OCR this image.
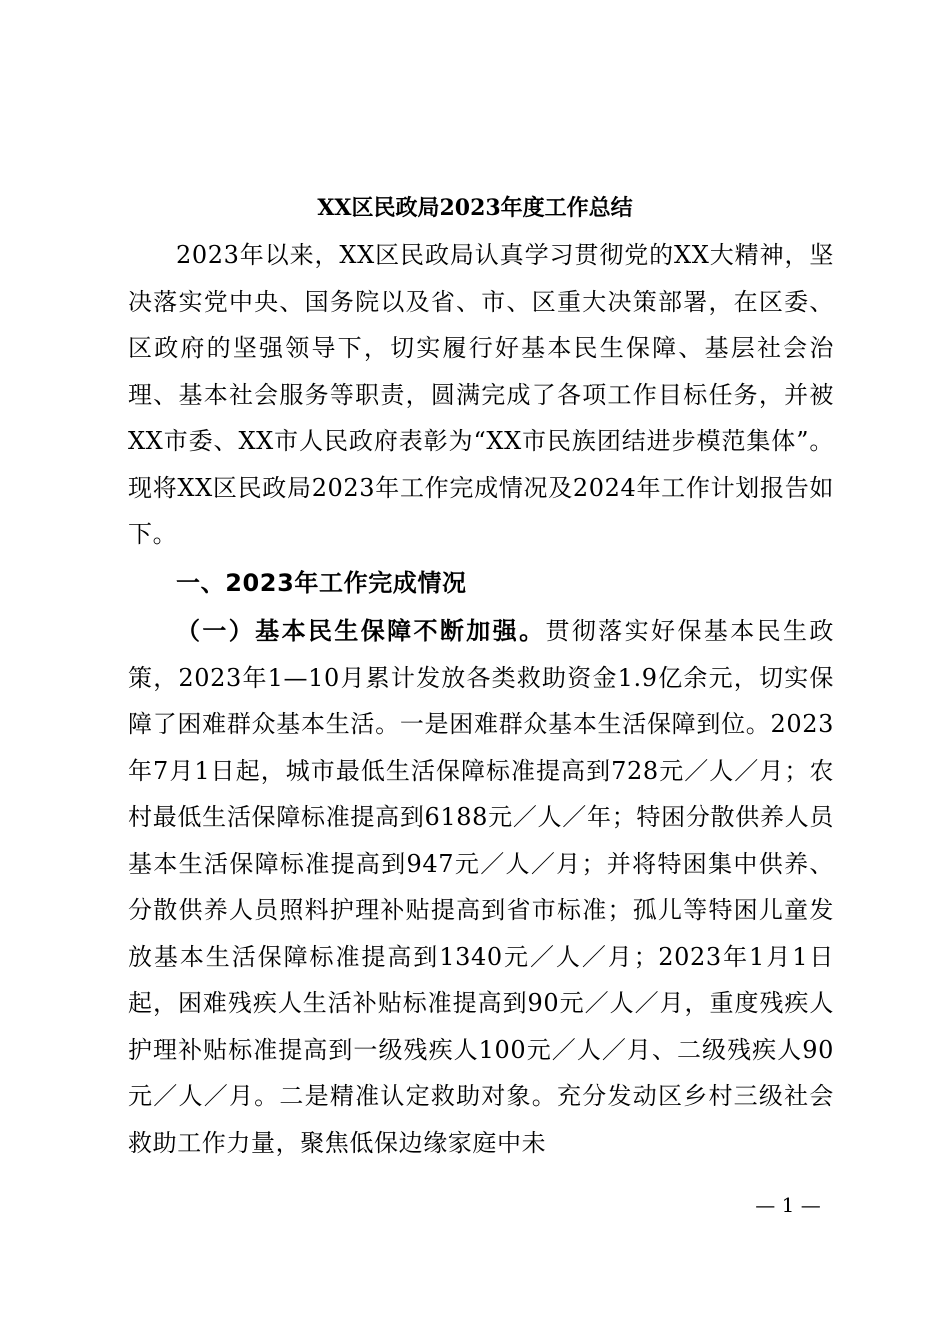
XX区民政局2023年度工作总结

2023年以来，XX区民政局认真学习贯彻党的XX大精神，坚决落实党中央、国务院以及省、市、区重大决策部署，在区委、区政府的坚强领导下，切实履行好基本民生保障、基层社会治理、基本社会服务等职责，圆满完成了各项工作目标任务，并被XX市委、XX市人民政府表彰为“XX市民族团结进步模范集体”。现将XX区民政局2023年工作完成情况及2024年工作计划报告如下。

一、2023年工作完成情况

（一）基本民生保障不断加强。贯彻落实好保基本民生政策，2023年1—10月累计发放各类救助资金1.9亿余元，切实保障了困难群众基本生活。一是困难群众基本生活保障到位。2023年7月1日起，城市最低生活保障标准提高到728元／人／月；农村最低生活保障标准提高到6188元／人／年；特困分散供养人员基本生活保障标准提高到947元／人／月；并将特困集中供养、分散供养人员照料护理补贴提高到省市标准；孤儿等特困儿童发放基本生活保障标准提高到1340元／人／月；2023年1月1日起，困难残疾人生活补贴标准提高到90元／人／月，重度残疾人护理补贴标准提高到一级残疾人100元／人／月、二级残疾人90元／人／月。二是精准认定救助对象。充分发动区乡村三级社会救助工作力量，聚焦低保边缘家庭中未

— 1 —
